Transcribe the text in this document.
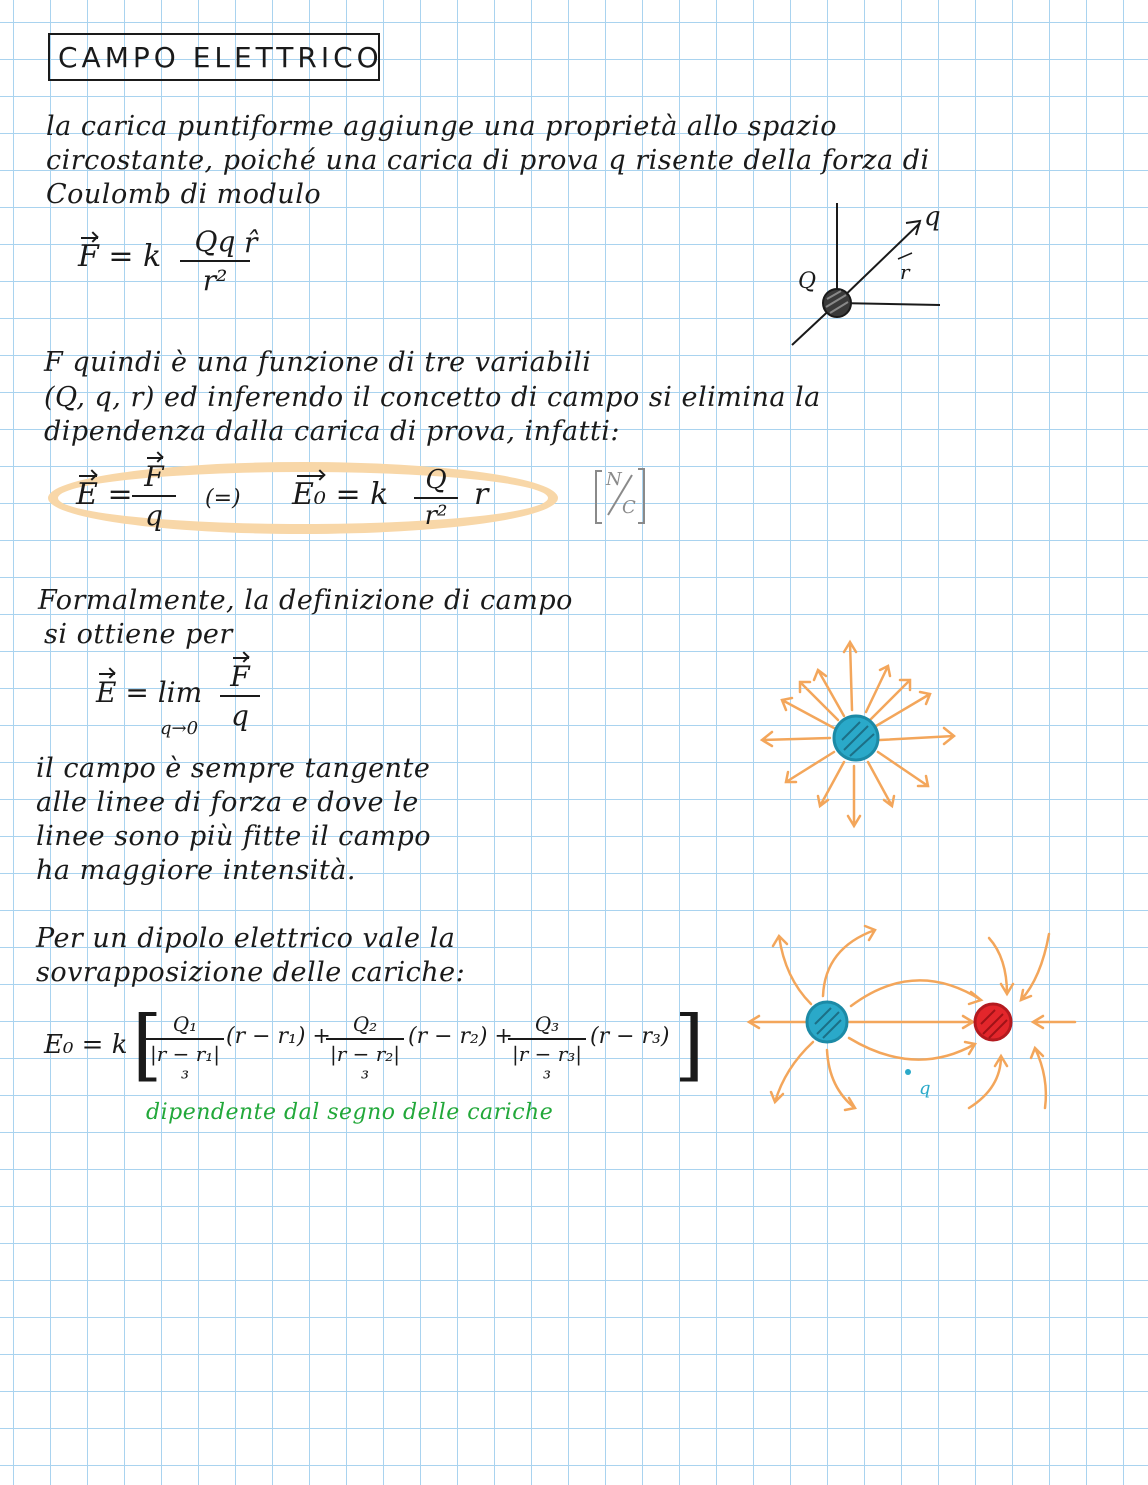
CAMPO ELETTRICO
la carica puntiforme aggiunge una proprietà allo spazio
circostante, poiché una carica di prova q risente della forza di
Coulomb di modulo
F = k $\frac{Qq}{\text{r²}}$
r̂
Q
q
r
F quindi è una funzione di tre variabili
(Q, q, r) ed inferendo il concetto di campo si elimina la
dipendenza dalla carica di prova, infatti:
$E = \frac{F}{q}$ (=) E₀ = k $\frac{Q}{\text{r²}}$ r	N
C
Formalmente, la definizione di campo
si ottiene per
E = lim
$q\to 0 \frac{F}{q}$
il campo è sempre tangente
alle linee di forza e dove le
linee sono più fitte il campo
ha maggiore intensità.
Per un dipolo elettrico vale la
sovrapposizione delle cariche:
E₀ = k [
$\frac{\text{Q₁}}{\text{|r − r₁|³}} (r - r_1)$ +
$\frac{\text{Q₂}}{\text{|r − r₂|³}} (r - r_2)$ +
$\frac{\text{Q₃}}{\text{|r − r₃|³}} (r - r_3)$ ]
dipendente dal segno delle cariche
q
